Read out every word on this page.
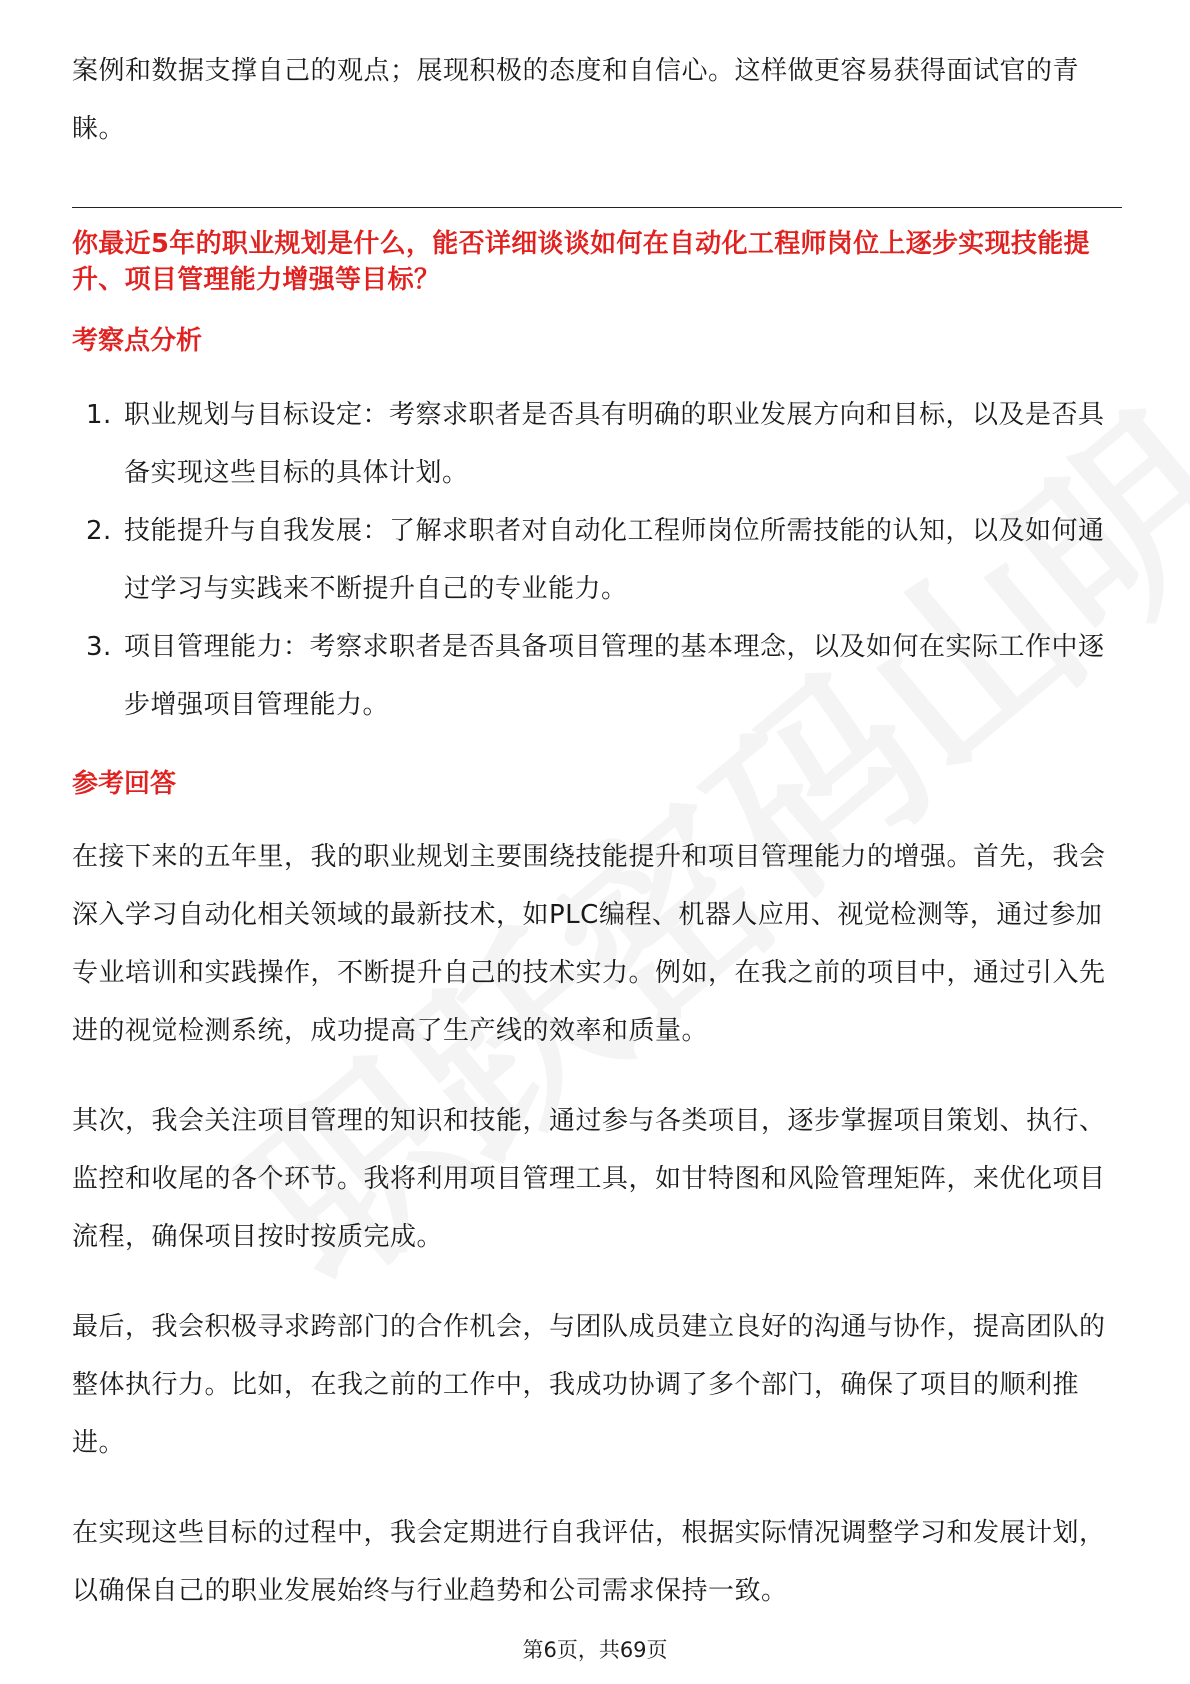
案例和数据支撑自己的观点；展现积极的态度和自信心。这样做更容易获得面试官的青睐。

你最近5年的职业规划是什么，能否详细谈谈如何在自动化工程师岗位上逐步实现技能提升、项目管理能力增强等目标？
考察点分析
1. 职业规划与目标设定：考察求职者是否具有明确的职业发展方向和目标，以及是否具备实现这些目标的具体计划。
2. 技能提升与自我发展：了解求职者对自动化工程师岗位所需技能的认知，以及如何通过学习与实践来不断提升自己的专业能力。
3. 项目管理能力：考察求职者是否具备项目管理的基本理念，以及如何在实际工作中逐步增强项目管理能力。
参考回答

在接下来的五年里，我的职业规划主要围绕技能提升和项目管理能力的增强。首先，我会深入学习自动化相关领域的最新技术，如PLC编程、机器人应用、视觉检测等，通过参加专业培训和实践操作，不断提升自己的技术实力。例如，在我之前的项目中，通过引入先进的视觉检测系统，成功提高了生产线的效率和质量。

其次，我会关注项目管理的知识和技能，通过参与各类项目，逐步掌握项目策划、执行、监控和收尾的各个环节。我将利用项目管理工具，如甘特图和风险管理矩阵，来优化项目流程，确保项目按时按质完成。

最后，我会积极寻求跨部门的合作机会，与团队成员建立良好的沟通与协作，提高团队的整体执行力。比如，在我之前的工作中，我成功协调了多个部门，确保了项目的顺利推进。

在实现这些目标的过程中，我会定期进行自我评估，根据实际情况调整学习和发展计划，以确保自己的职业发展始终与行业趋势和公司需求保持一致。

第6页，共69页
